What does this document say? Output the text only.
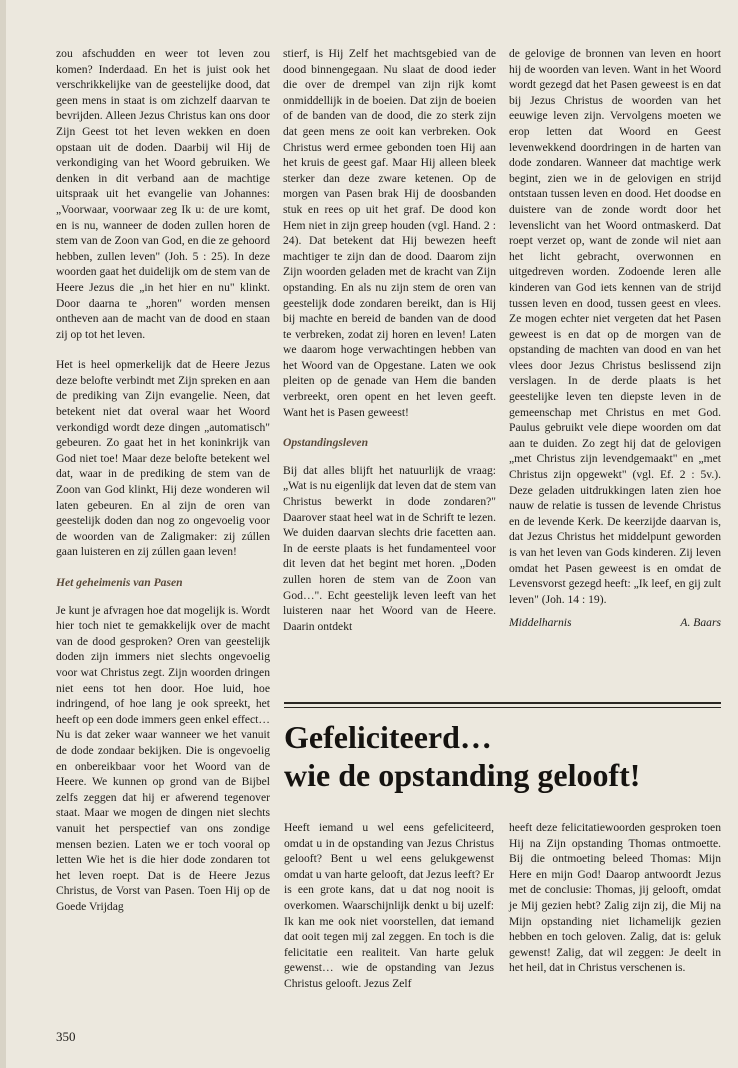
zou afschudden en weer tot leven zou komen? Inderdaad. En het is juist ook het verschrikkelijke van de geestelijke dood, dat geen mens in staat is om zichzelf daarvan te bevrijden. Alleen Jezus Christus kan ons door Zijn Geest tot het leven wekken en doen opstaan uit de doden. Daarbij wil Hij de verkondiging van het Woord gebruiken. We denken in dit verband aan de machtige uitspraak uit het evangelie van Johannes: „Voorwaar, voorwaar zeg Ik u: de ure komt, en is nu, wanneer de doden zullen horen de stem van de Zoon van God, en die ze gehoord hebben, zullen leven" (Joh. 5 : 25). In deze woorden gaat het duidelijk om de stem van de Heere Jezus die „in het hier en nu" klinkt. Door daarna te „horen" worden mensen ontheven aan de macht van de dood en staan zij op tot het leven.

Het is heel opmerkelijk dat de Heere Jezus deze belofte verbindt met Zijn spreken en aan de prediking van Zijn evangelie. Neen, dat betekent niet dat overal waar het Woord verkondigd wordt deze dingen „automatisch" gebeuren. Zo gaat het in het koninkrijk van God niet toe! Maar deze belofte betekent wel dat, waar in de prediking de stem van de Zoon van God klinkt, Hij deze wonderen wil laten gebeuren. En al zijn de oren van geestelijk doden dan nog zo ongevoelig voor de woorden van de Zaligmaker: zij zúllen gaan luisteren en zij zúllen gaan leven!

Het geheimenis van Pasen

Je kunt je afvragen hoe dat mogelijk is. Wordt hier toch niet te gemakkelijk over de macht van de dood gesproken? Oren van geestelijk doden zijn immers niet slechts ongevoelig voor wat Christus zegt. Zijn woorden dringen niet eens tot hen door. Hoe luid, hoe indringend, of hoe lang je ook spreekt, het heeft op een dode immers geen enkel effect… Nu is dat zeker waar wanneer we het vanuit de dode zondaar bekijken. Die is ongevoelig en onbereikbaar voor het Woord van de Heere. We kunnen op grond van de Bijbel zelfs zeggen dat hij er afwerend tegenover staat. Maar we mogen de dingen niet slechts vanuit het perspectief van ons zondige mensen bezien. Laten we er toch vooral op letten Wie het is die hier dode zondaren tot het leven roept. Dat is de Heere Jezus Christus, de Vorst van Pasen. Toen Hij op de Goede Vrijdag

stierf, is Hij Zelf het machtsgebied van de dood binnengegaan. Nu slaat de dood ieder die over de drempel van zijn rijk komt onmiddellijk in de boeien. Dat zijn de boeien of de banden van de dood, die zo sterk zijn dat geen mens ze ooit kan verbreken. Ook Christus werd ermee gebonden toen Hij aan het kruis de geest gaf. Maar Hij alleen bleek sterker dan deze zware ketenen. Op de morgen van Pasen brak Hij de doosbanden stuk en rees op uit het graf. De dood kon Hem niet in zijn greep houden (vgl. Hand. 2 : 24). Dat betekent dat Hij bewezen heeft machtiger te zijn dan de dood. Daarom zijn Zijn woorden geladen met de kracht van Zijn opstanding. En als nu zijn stem de oren van geestelijk dode zondaren bereikt, dan is Hij bij machte en bereid de banden van de dood te verbreken, zodat zij horen en leven! Laten we daarom hoge verwachtingen hebben van het Woord van de Opgestane. Laten we ook pleiten op de genade van Hem die banden verbreekt, oren opent en het leven geeft. Want het is Pasen geweest!

Opstandingsleven

Bij dat alles blijft het natuurlijk de vraag: „Wat is nu eigenlijk dat leven dat de stem van Christus bewerkt in dode zondaren?" Daarover staat heel wat in de Schrift te lezen. We duiden daarvan slechts drie facetten aan. In de eerste plaats is het fundamenteel voor dit leven dat het begint met horen. „Doden zullen horen de stem van de Zoon van God…". Echt geestelijk leven leeft van het luisteren naar het Woord van de Heere. Daarin ontdekt

de gelovige de bronnen van leven en hoort hij de woorden van leven. Want in het Woord wordt gezegd dat het Pasen geweest is en dat bij Jezus Christus de woorden van het eeuwige leven zijn. Vervolgens moeten we erop letten dat Woord en Geest levenwekkend doordringen in de harten van dode zondaren. Wanneer dat machtige werk begint, zien we in de gelovigen en strijd ontstaan tussen leven en dood. Het doodse en duistere van de zonde wordt door het levenslicht van het Woord ontmaskerd. Dat roept verzet op, want de zonde wil niet aan het licht gebracht, overwonnen en uitgedreven worden. Zodoende leren alle kinderen van God iets kennen van de strijd tussen leven en dood, tussen geest en vlees. Ze mogen echter niet vergeten dat het Pasen geweest is en dat op de morgen van de opstanding de machten van dood en van het vlees door Jezus Christus beslissend zijn verslagen. In de derde plaats is het geestelijke leven ten diepste leven in de gemeenschap met Christus en met God. Paulus gebruikt vele diepe woorden om dat aan te duiden. Zo zegt hij dat de gelovigen „met Christus zijn levendgemaakt" en „met Christus zijn opgewekt" (vgl. Ef. 2 : 5v.). Deze geladen uitdrukkingen laten zien hoe nauw de relatie is tussen de levende Christus en de levende Kerk. De keerzijde daarvan is, dat Jezus Christus het middelpunt geworden is van het leven van Gods kinderen. Zij leven omdat het Pasen geweest is en omdat de Levensvorst gezegd heeft: „Ik leef, en gij zult leven" (Joh. 14 : 19).

Middelharnis	A. Baars
Gefeliciteerd…
wie de opstanding gelooft!

Heeft iemand u wel eens gefeliciteerd, omdat u in de opstanding van Jezus Christus gelooft? Bent u wel eens gelukgewenst omdat u van harte gelooft, dat Jezus leeft? Er is een grote kans, dat u dat nog nooit is overkomen. Waarschijnlijk denkt u bij uzelf: Ik kan me ook niet voorstellen, dat iemand dat ooit tegen mij zal zeggen. En toch is die felicitatie een realiteit. Van harte geluk gewenst… wie de opstanding van Jezus Christus gelooft. Jezus Zelf

heeft deze felicitatiewoorden gesproken toen Hij na Zijn opstanding Thomas ontmoette. Bij die ontmoeting beleed Thomas: Mijn Here en mijn God! Daarop antwoordt Jezus met de conclusie: Thomas, jij gelooft, omdat je Mij gezien hebt? Zalig zijn zij, die Mij na Mijn opstanding niet lichamelijk gezien hebben en toch geloven. Zalig, dat is: geluk gewenst! Zalig, dat wil zeggen: Je deelt in het heil, dat in Christus verschenen is.

350
